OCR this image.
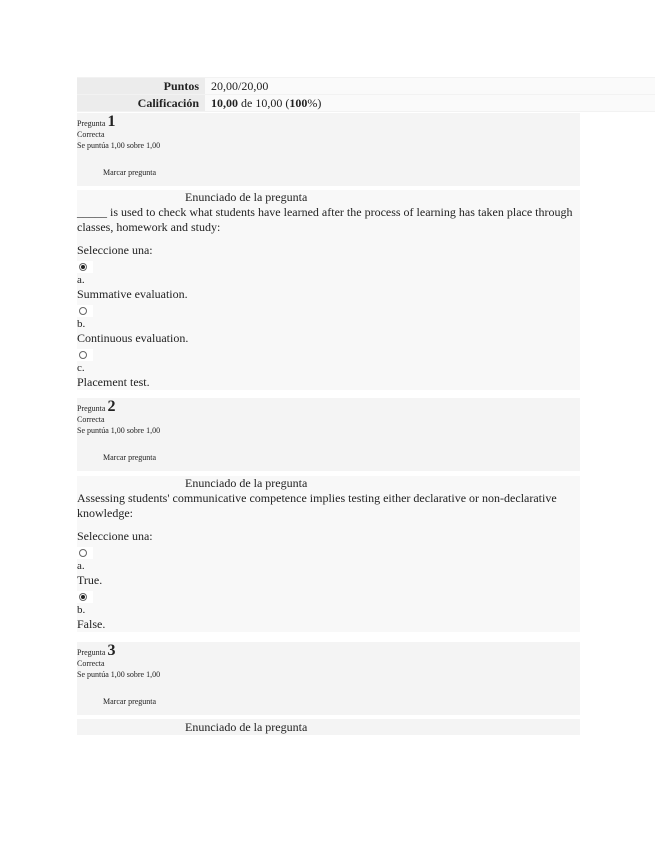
Puntos	20,00/20,00
Calificación	10,00 de 10,00 (100%)
Pregunta 1
Correcta
Se puntúa 1,00 sobre 1,00
Marcar pregunta
Enunciado de la pregunta

_____ is used to check what students have learned after the process of learning has taken place through classes, homework and study:

Seleccione una:
a.
Summative evaluation.
b.
Continuous evaluation.
c.
Placement test.
Pregunta 2
Correcta
Se puntúa 1,00 sobre 1,00
Marcar pregunta
Enunciado de la pregunta

Assessing students' communicative competence implies testing either declarative or non-declarative knowledge:

Seleccione una:
a.
True.
b.
False.
Pregunta 3
Correcta
Se puntúa 1,00 sobre 1,00
Marcar pregunta
Enunciado de la pregunta
